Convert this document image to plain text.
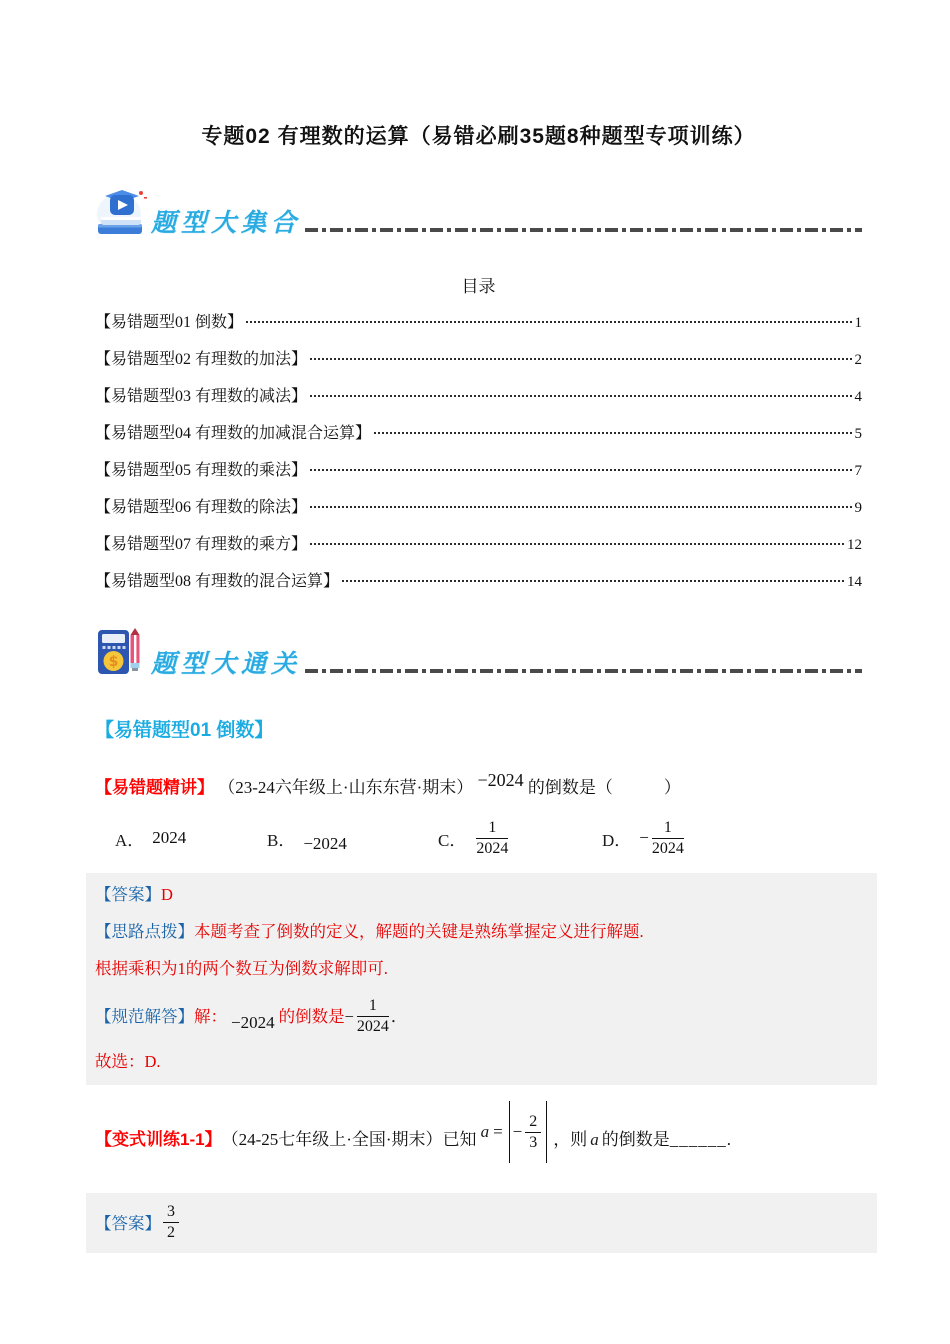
专题02 有理数的运算（易错必刷35题8种题型专项训练）
题型大集合
目录
【易错题型01 倒数】	1
【易错题型02 有理数的加法】	2
【易错题型03 有理数的减法】	4
【易错题型04 有理数的加减混合运算】	5
【易错题型05 有理数的乘法】	7
【易错题型06 有理数的除法】	9
【易错题型07 有理数的乘方】	12
【易错题型08 有理数的混合运算】	14
$ 题型大通关
【易错题型01 倒数】
【易错题精讲】 （23-24六年级上·山东东营·期末） −2024 的倒数是（　　　）
A． 2024	B． −2024	C． $\frac{1}{2024}$	D． − $\frac{1}{2024}$
【答案】D
【思路点拨】本题考查了倒数的定义，解题的关键是熟练掌握定义进行解题.
根据乘积为1的两个数互为倒数求解即可.
【规范解答】 解： −2024 的倒数是 − $\frac{1}{2024}$ ．
故选：D.
【变式训练1-1】 （24-25七年级上·全国·期末） 已知 a = − $\frac{2}{3}$ ，则 a 的倒数是 ______ .
【答案】 $\frac{3}{2}$
